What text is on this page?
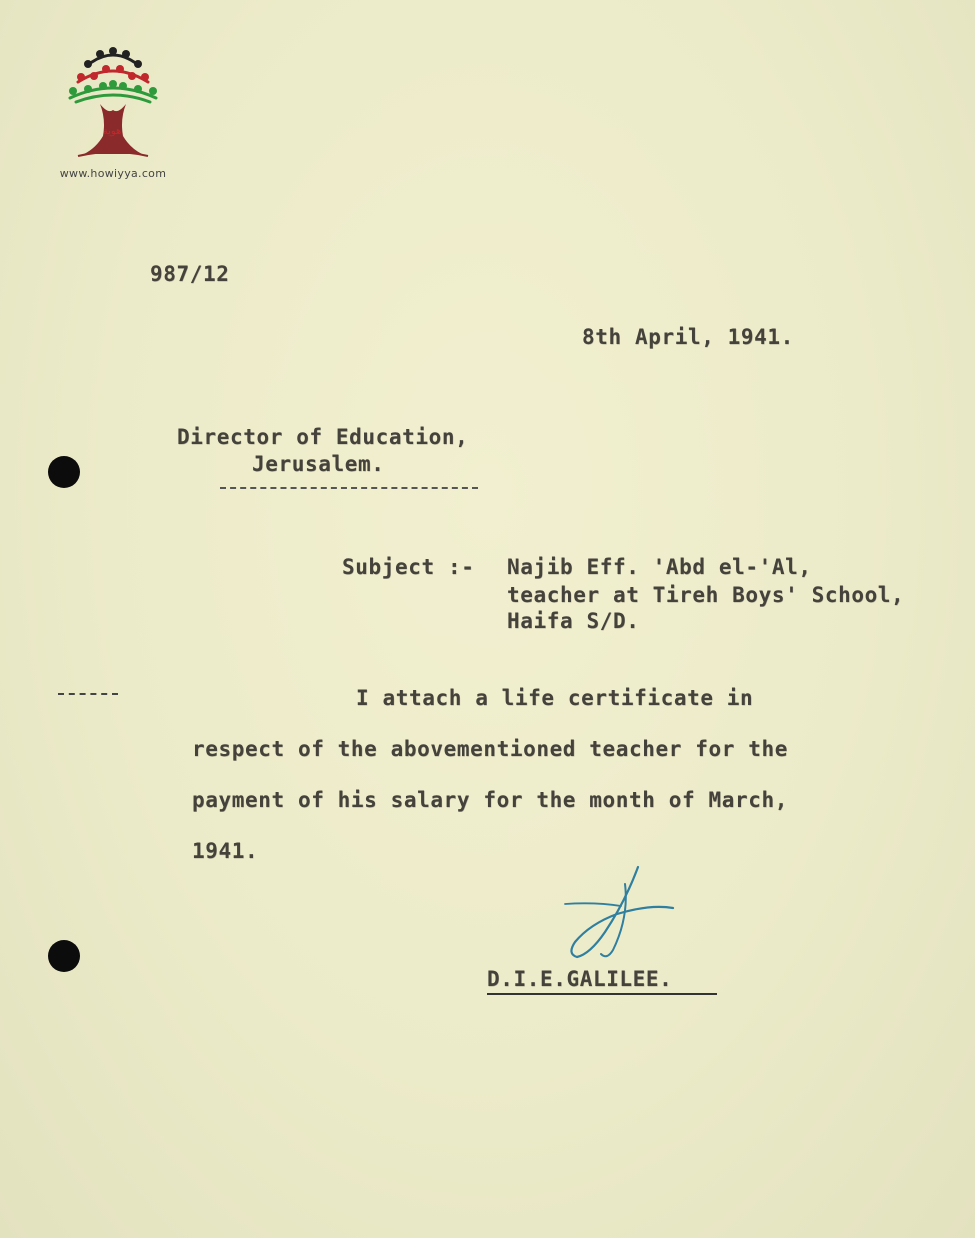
هوية
www.howiyya.com
987/12
8th April, 1941.
Director of Education,
Jerusalem.
Subject :- Najib Eff. 'Abd el-'Al,
teacher at Tireh Boys' School,
Haifa S/D.
I attach a life certificate in
respect of the abovementioned teacher for the
payment of his salary for the month of March,
1941.
D.I.E.GALILEE.
